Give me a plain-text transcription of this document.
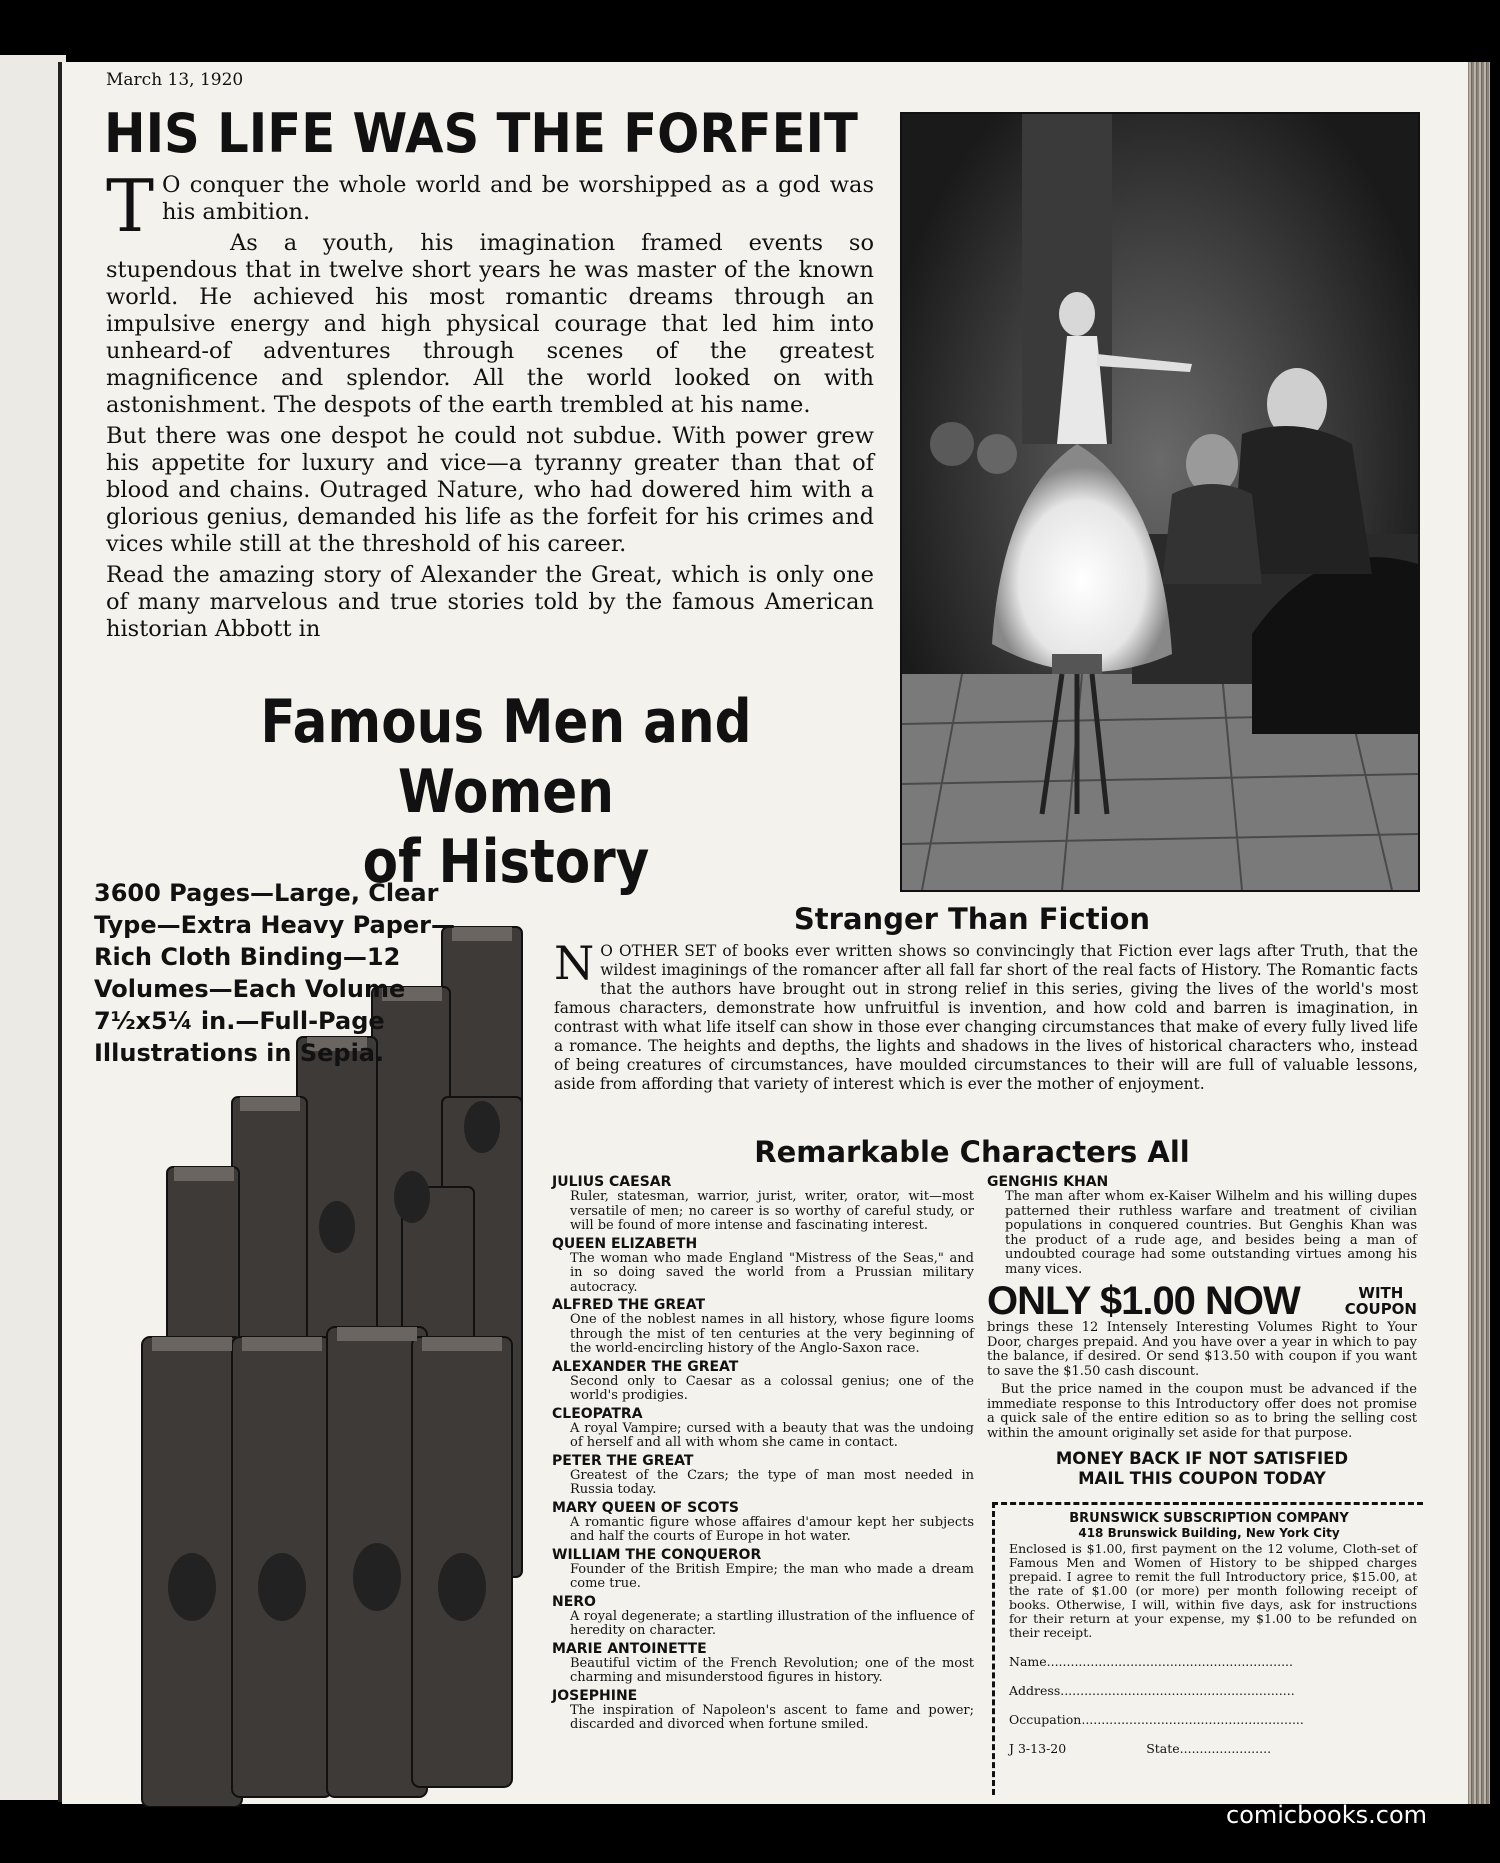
March 13, 1920
HIS LIFE WAS THE FORFEIT

T O conquer the whole world and be worshipped as a god was his ambition.

As a youth, his imagination framed events so stupendous that in twelve short years he was master of the known world. He achieved his most romantic dreams through an impulsive energy and high physical courage that led him into unheard-of adventures through scenes of the greatest magnificence and splendor. All the world looked on with astonishment. The despots of the earth trembled at his name.

But there was one despot he could not subdue. With power grew his appetite for luxury and vice—a tyranny greater than that of blood and chains. Outraged Nature, who had dowered him with a glorious genius, demanded his life as the forfeit for his crimes and vices while still at the threshold of his career.

Read the amazing story of Alexander the Great, which is only one of many marvelous and true stories told by the famous American historian Abbott in

Famous Men and Women
of History
3600 Pages—Large, Clear Type—Extra Heavy Paper—Rich Cloth Binding—12 Volumes—Each Volume 7½x5¼ in.—Full-Page Illustrations in Sepia.
Stranger Than Fiction
N O OTHER SET of books ever written shows so convincingly that Fiction ever lags after Truth, that the wildest imaginings of the romancer after all fall far short of the real facts of History. The Romantic facts that the authors have brought out in strong relief in this series, giving the lives of the world's most famous characters, demonstrate how unfruitful is invention, and how cold and barren is imagination, in contrast with what life itself can show in those ever changing circumstances that make of every fully lived life a romance. The heights and depths, the lights and shadows in the lives of historical characters who, instead of being creatures of circumstances, have moulded circumstances to their will are full of valuable lessons, aside from affording that variety of interest which is ever the mother of enjoyment.
Remarkable Characters All
JULIUS CAESAR
Ruler, statesman, warrior, jurist, writer, orator, wit—most versatile of men; no career is so worthy of careful study, or will be found of more intense and fascinating interest.
QUEEN ELIZABETH
The woman who made England "Mistress of the Seas," and in so doing saved the world from a Prussian military autocracy.
ALFRED THE GREAT
One of the noblest names in all history, whose figure looms through the mist of ten centuries at the very beginning of the world-encircling history of the Anglo-Saxon race.
ALEXANDER THE GREAT
Second only to Caesar as a colossal genius; one of the world's prodigies.
CLEOPATRA
A royal Vampire; cursed with a beauty that was the undoing of herself and all with whom she came in contact.
PETER THE GREAT
Greatest of the Czars; the type of man most needed in Russia today.
MARY QUEEN OF SCOTS
A romantic figure whose affaires d'amour kept her subjects and half the courts of Europe in hot water.
WILLIAM THE CONQUEROR
Founder of the British Empire; the man who made a dream come true.
NERO
A royal degenerate; a startling illustration of the influence of heredity on character.
MARIE ANTOINETTE
Beautiful victim of the French Revolution; one of the most charming and misunderstood figures in history.
JOSEPHINE
The inspiration of Napoleon's ascent to fame and power; discarded and divorced when fortune smiled.
GENGHIS KHAN
The man after whom ex-Kaiser Wilhelm and his willing dupes patterned their ruthless warfare and treatment of civilian populations in conquered countries. But Genghis Khan was the product of a rude age, and besides being a man of undoubted courage had some outstanding virtues among his many vices.
ONLY $1.00 NOW	WITH
COUPON
brings these 12 Intensely Interesting Volumes Right to Your Door, charges prepaid. And you have over a year in which to pay the balance, if desired. Or send $13.50 with coupon if you want to save the $1.50 cash discount.
But the price named in the coupon must be advanced if the immediate response to this Introductory offer does not promise a quick sale of the entire edition so as to bring the selling cost within the amount originally set aside for that purpose.
MONEY BACK IF NOT SATISFIED
MAIL THIS COUPON TODAY
BRUNSWICK SUBSCRIPTION COMPANY
418 Brunswick Building, New York City
Enclosed is $1.00, first payment on the 12 volume, Cloth-set of Famous Men and Women of History to be shipped charges prepaid. I agree to remit the full Introductory price, $15.00, at the rate of $1.00 (or more) per month following receipt of books. Otherwise, I will, within five days, ask for instructions for their return at your expense, my $1.00 to be refunded on their receipt.
Name..............................................................
Address...........................................................
Occupation........................................................
J 3-13-20	State.......................
comicbooks.com
